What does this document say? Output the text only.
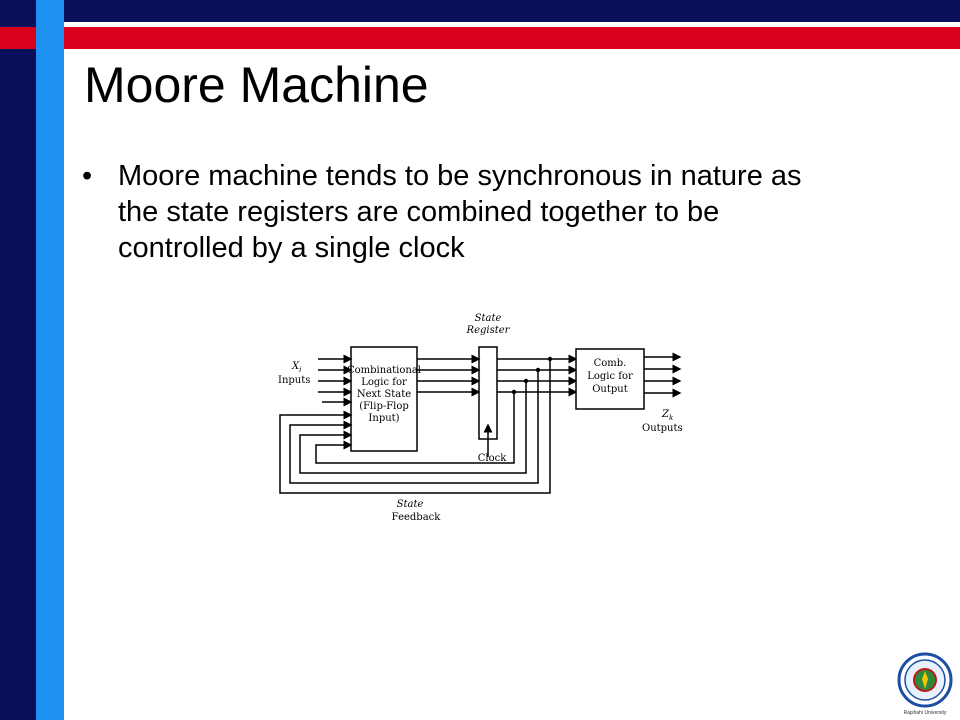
Moore Machine
• Moore machine tends to be synchronous in nature as the state registers are combined together to be controlled by a single clock
Combinational
Logic for
Next State
(Flip-Flop
Input)
$X_i$
Inputs
State
Register
Clock
State
Feedback
Comb.
Logic for
Output
$Z_k$
Outputs
Rajshahi University
